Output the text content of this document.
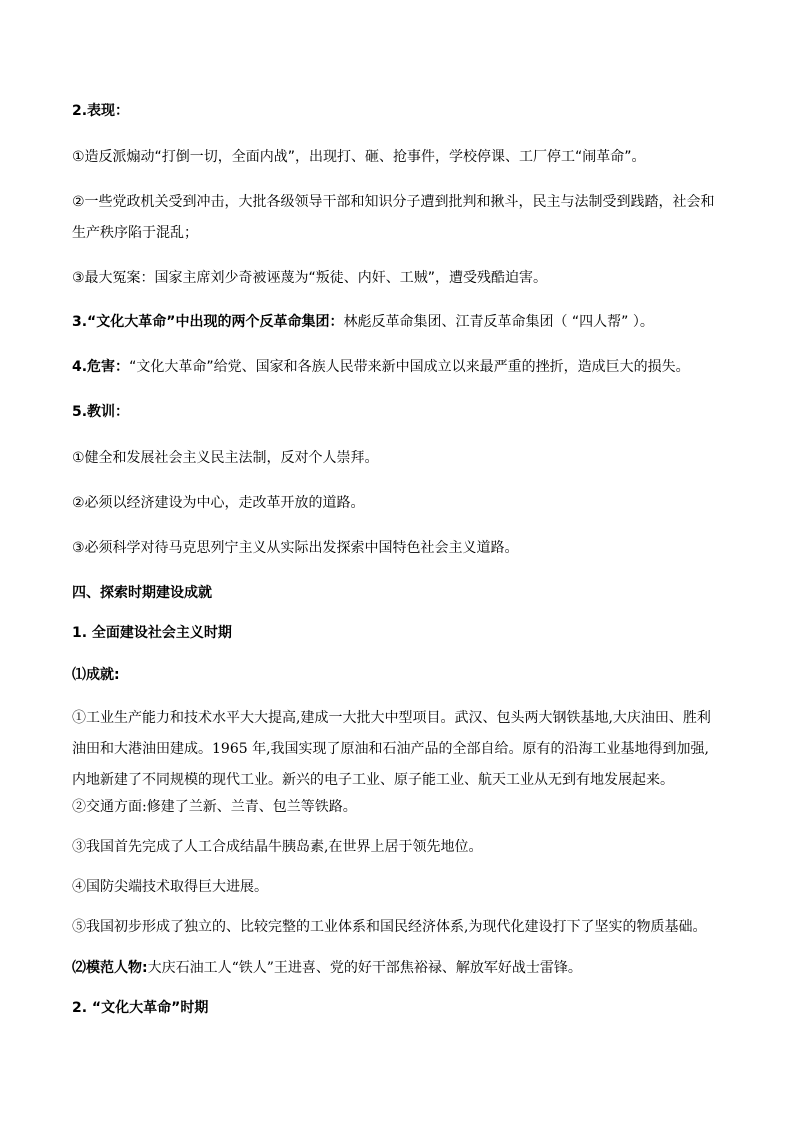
2.表现：
①造反派煽动“打倒一切，全面内战”，出现打、砸、抢事件，学校停课、工厂停工“闹革命”。
②一些党政机关受到冲击，大批各级领导干部和知识分子遭到批判和揪斗，民主与法制受到践踏，社会和生产秩序陷于混乱；
③最大冤案：国家主席刘少奇被诬蔑为“叛徒、内奸、工贼”，遭受残酷迫害。
3.“文化大革命”中出现的两个反革命集团：林彪反革命集团、江青反革命集团（ “四人帮” ）。
4.危害：“文化大革命”给党、国家和各族人民带来新中国成立以来最严重的挫折，造成巨大的损失。
5.教训：
①健全和发展社会主义民主法制，反对个人崇拜。
②必须以经济建设为中心，走改革开放的道路。
③必须科学对待马克思列宁主义从实际出发探索中国特色社会主义道路。
四、探索时期建设成就
1. 全面建设社会主义时期
⑴成就:
①工业生产能力和技术水平大大提高,建成一大批大中型项目。武汉、包头两大钢铁基地,大庆油田、胜利油田和大港油田建成。1965 年,我国实现了原油和石油产品的全部自给。原有的沿海工业基地得到加强,内地新建了不同规模的现代工业。新兴的电子工业、原子能工业、航天工业从无到有地发展起来。
②交通方面:修建了兰新、兰青、包兰等铁路。
③我国首先完成了人工合成结晶牛胰岛素,在世界上居于领先地位。
④国防尖端技术取得巨大进展。
⑤我国初步形成了独立的、比较完整的工业体系和国民经济体系,为现代化建设打下了坚实的物质基础。
⑵模范人物:大庆石油工人“铁人”王进喜、党的好干部焦裕禄、解放军好战士雷锋。
2. “文化大革命”时期
